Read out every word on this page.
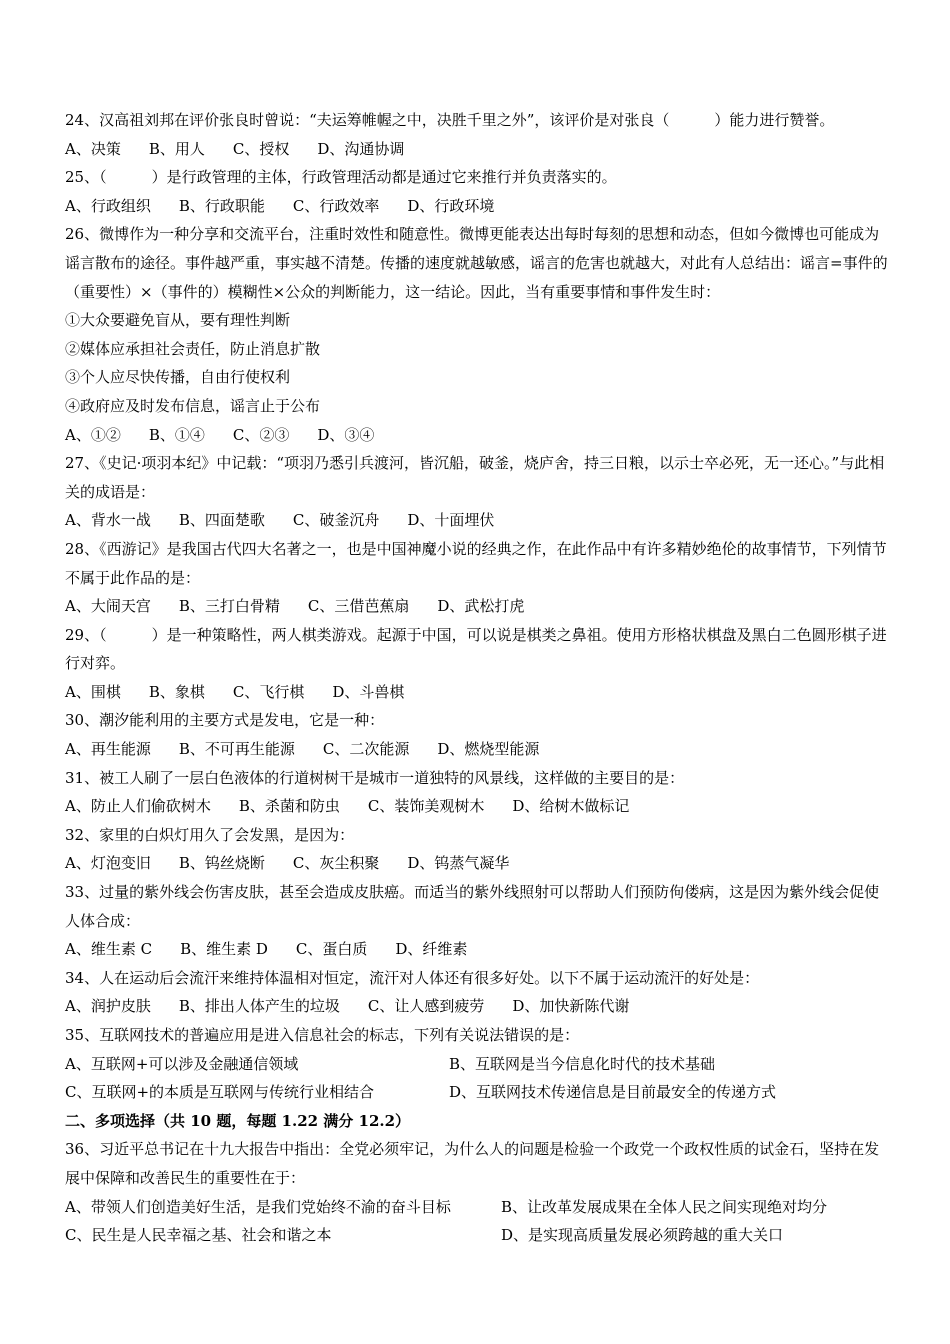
24、汉高祖刘邦在评价张良时曾说：“夫运筹帷幄之中，决胜千里之外”，该评价是对张良（　　　）能力进行赞誉。
A、决策 B、用人 C、授权 D、沟通协调
25、（　　　）是行政管理的主体，行政管理活动都是通过它来推行并负责落实的。
A、行政组织 B、行政职能 C、行政效率 D、行政环境
26、微博作为一种分享和交流平台，注重时效性和随意性。微博更能表达出每时每刻的思想和动态，但如今微博也可能成为谣言散布的途径。事件越严重，事实越不清楚。传播的速度就越敏感，谣言的危害也就越大，对此有人总结出：谣言=事件的（重要性）×（事件的）模糊性×公众的判断能力，这一结论。因此，当有重要事情和事件发生时：
①大众要避免盲从，要有理性判断
②媒体应承担社会责任，防止消息扩散
③个人应尽快传播，自由行使权利
④政府应及时发布信息，谣言止于公布
A、①② B、①④ C、②③ D、③④
27、《史记·项羽本纪》中记载：“项羽乃悉引兵渡河，皆沉船，破釜，烧庐舍，持三日粮，以示士卒必死，无一还心。”与此相关的成语是：
A、背水一战 B、四面楚歌 C、破釜沉舟 D、十面埋伏
28、《西游记》是我国古代四大名著之一，也是中国神魔小说的经典之作，在此作品中有许多精妙绝伦的故事情节，下列情节不属于此作品的是：
A、大闹天宫 B、三打白骨精 C、三借芭蕉扇 D、武松打虎
29、（　　　）是一种策略性，两人棋类游戏。起源于中国，可以说是棋类之鼻祖。使用方形格状棋盘及黑白二色圆形棋子进行对弈。
A、围棋 B、象棋 C、飞行棋 D、斗兽棋
30、潮汐能利用的主要方式是发电，它是一种：
A、再生能源 B、不可再生能源 C、二次能源 D、燃烧型能源
31、被工人刷了一层白色液体的行道树树干是城市一道独特的风景线，这样做的主要目的是：
A、防止人们偷砍树木 B、杀菌和防虫 C、装饰美观树木 D、给树木做标记
32、家里的白炽灯用久了会发黑，是因为：
A、灯泡变旧 B、钨丝烧断 C、灰尘积聚 D、钨蒸气凝华
33、过量的紫外线会伤害皮肤，甚至会造成皮肤癌。而适当的紫外线照射可以帮助人们预防佝偻病，这是因为紫外线会促使人体合成：
A、维生素 C B、维生素 D C、蛋白质 D、纤维素
34、人在运动后会流汗来维持体温相对恒定，流汗对人体还有很多好处。以下不属于运动流汗的好处是：
A、润护皮肤 B、排出人体产生的垃圾 C、让人感到疲劳 D、加快新陈代谢
35、互联网技术的普遍应用是进入信息社会的标志，下列有关说法错误的是：
A、互联网+可以涉及金融通信领域	B、互联网是当今信息化时代的技术基础
C、互联网+的本质是互联网与传统行业相结合	D、互联网技术传递信息是目前最安全的传递方式
二、多项选择（共 10 题，每题 1.22 满分 12.2）
36、习近平总书记在十九大报告中指出：全党必须牢记，为什么人的问题是检验一个政党一个政权性质的试金石，坚持在发展中保障和改善民生的重要性在于：
A、带领人们创造美好生活，是我们党始终不渝的奋斗目标	B、让改革发展成果在全体人民之间实现绝对均分
C、民生是人民幸福之基、社会和谐之本	D、是实现高质量发展必须跨越的重大关口
